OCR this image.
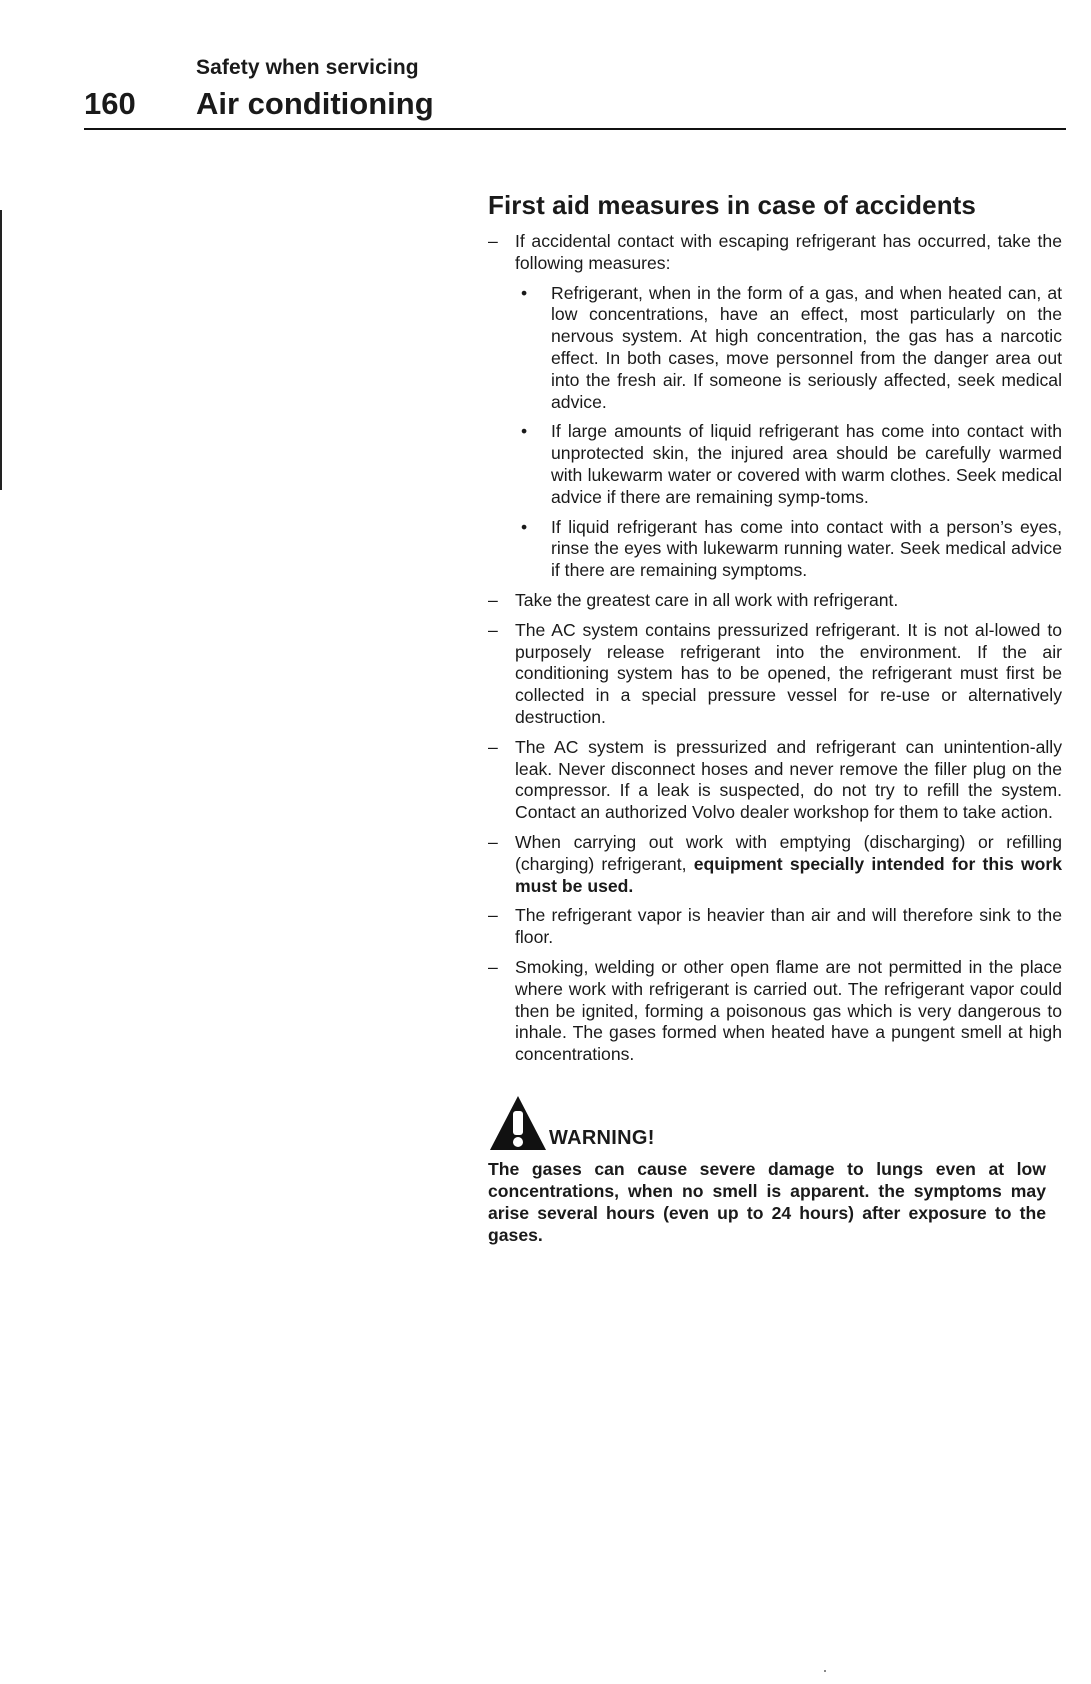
Safety when servicing
160 Air conditioning
First aid measures in case of accidents
– If accidental contact with escaping refrigerant has occurred, take the following measures:
• Refrigerant, when in the form of a gas, and when heated can, at low concentrations, have an effect, most particularly on the nervous system. At high concentration, the gas has a narcotic effect. In both cases, move personnel from the danger area out into the fresh air. If someone is seriously affected, seek medical advice.
• If large amounts of liquid refrigerant has come into contact with unprotected skin, the injured area should be carefully warmed with lukewarm water or covered with warm clothes. Seek medical advice if there are remaining symp-toms.
• If liquid refrigerant has come into contact with a person’s eyes, rinse the eyes with lukewarm running water. Seek medical advice if there are remaining symptoms.
– Take the greatest care in all work with refrigerant.
– The AC system contains pressurized refrigerant. It is not al-lowed to purposely release refrigerant into the environment. If the air conditioning system has to be opened, the refrigerant must first be collected in a special pressure vessel for re-use or alternatively destruction.
– The AC system is pressurized and refrigerant can unintention-ally leak. Never disconnect hoses and never remove the filler plug on the compressor. If a leak is suspected, do not try to refill the system. Contact an authorized Volvo dealer workshop for them to take action.
– When carrying out work with emptying (discharging) or refilling (charging) refrigerant, equipment specially intended for this work must be used.
– The refrigerant vapor is heavier than air and will therefore sink to the floor.
– Smoking, welding or other open flame are not permitted in the place where work with refrigerant is carried out. The refrigerant vapor could then be ignited, forming a poisonous gas which is very dangerous to inhale. The gases formed when heated have a pungent smell at high concentrations.
WARNING!

The gases can cause severe damage to lungs even at low concentrations, when no smell is apparent. the symptoms may arise several hours (even up to 24 hours) after exposure to the gases.
